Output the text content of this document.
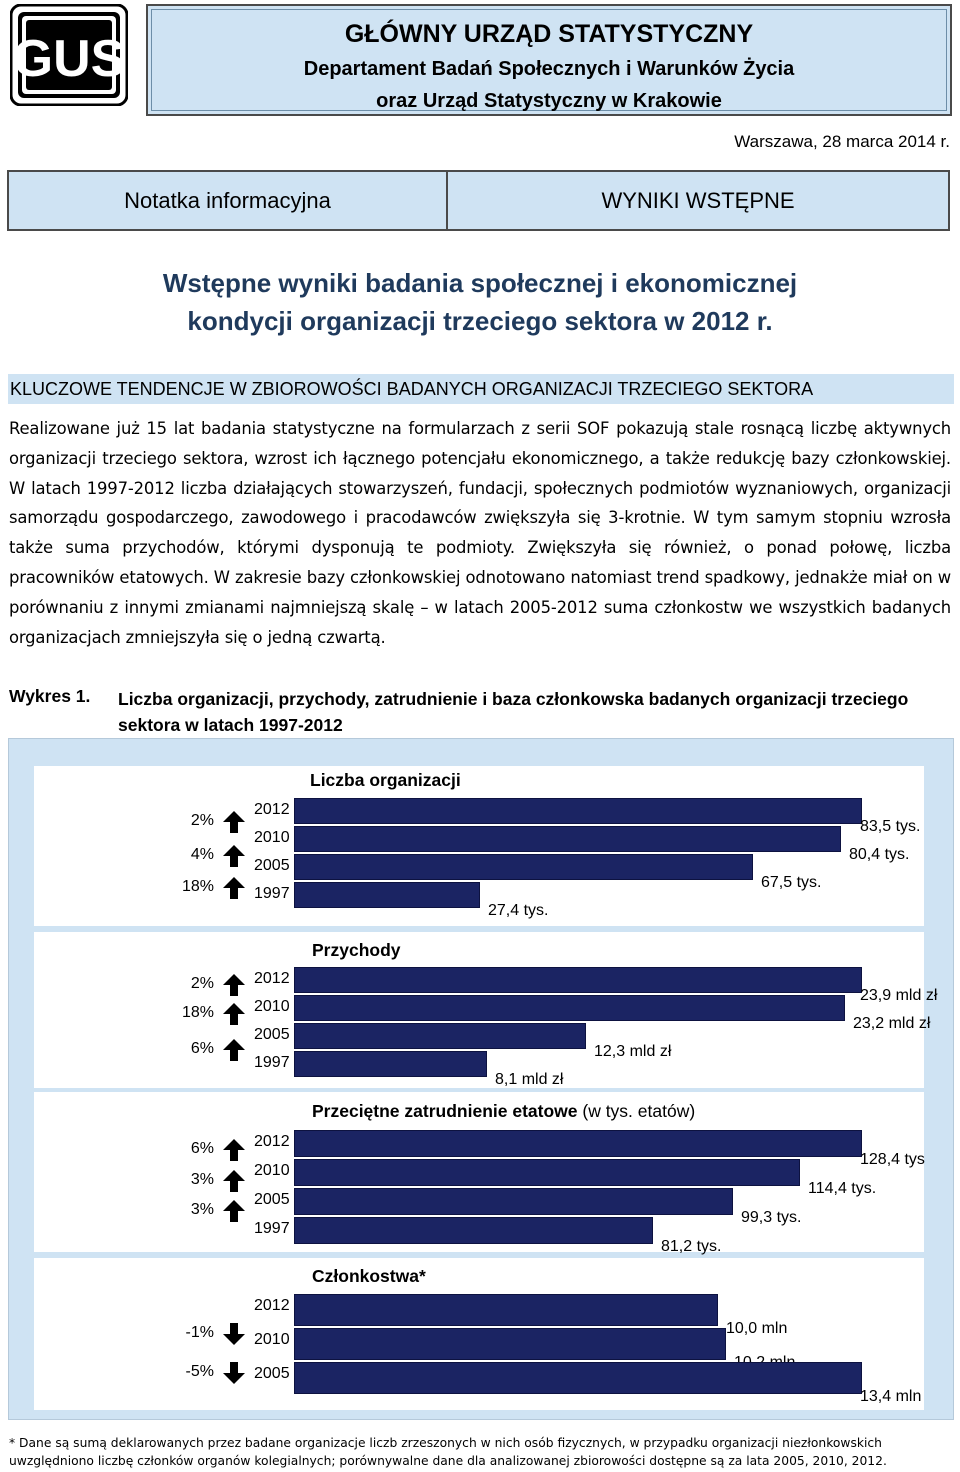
GUS	GŁÓWNY URZĄD STATYSTYCZNY
Departament Badań Społecznych i Warunków Życia
oraz Urząd Statystyczny w Krakowie
Warszawa, 28 marca 2014 r.
Notatka informacyjna	WYNIKI WSTĘPNE
Wstępne wyniki badania społecznej i ekonomicznej
kondycji organizacji trzeciego sektora w 2012 r.
KLUCZOWE TENDENCJE W ZBIOROWOŚCI BADANYCH ORGANIZACJI TRZECIEGO SEKTORA
Realizowane już 15 lat badania statystyczne na formularzach z serii SOF pokazują stale rosnącą liczbę aktywnych organizacji trzeciego sektora, wzrost ich łącznego potencjału ekonomicznego, a także redukcję bazy członkowskiej. W latach 1997-2012 liczba działających stowarzyszeń, fundacji, społecznych podmiotów wyznaniowych, organizacji samorządu gospodarczego, zawodowego i pracodawców zwiększyła się 3-krotnie. W tym samym stopniu wzrosła także suma przychodów, którymi dysponują te podmioty. Zwiększyła się również, o ponad połowę, liczba pracowników etatowych. W zakresie bazy członkowskiej odnotowano natomiast trend spadkowy, jednakże miał on w porównaniu z innymi zmianami najmniejszą skalę – w latach 2005-2012 suma członkostw we wszystkich badanych organizacjach zmniejszyła się o jedną czwartą.
Wykres 1. Liczba organizacji, przychody, zatrudnienie i baza członkowska badanych organizacji trzeciego sektora w latach 1997-2012
Liczba organizacji
2012
83,5 tys.
2010
80,4 tys.
2005
67,5 tys.
1997
27,4 tys.
2%
4%
18%
Przychody
2012
23,9 mld zł
2010
23,2 mld zł
2005
12,3 mld zł
1997
8,1 mld zł
2%
18%
6%
Przeciętne zatrudnienie etatowe (w tys. etatów)
2012
128,4 tys
2010
114,4 tys.
2005
99,3 tys.
1997
81,2 tys.
6%
3%
3%
Członkostwa*
2012
10,0 mln
2010
2005
13,4 mln
-1%
-5%
* Dane są sumą deklarowanych przez badane organizacje liczb zrzeszonych w nich osób fizycznych, w przypadku organizacji niezłonkowskich uwzględniono liczbę członków organów kolegialnych; porównywalne dane dla analizowanej zbiorowości dostępne są za lata 2005, 2010, 2012.
